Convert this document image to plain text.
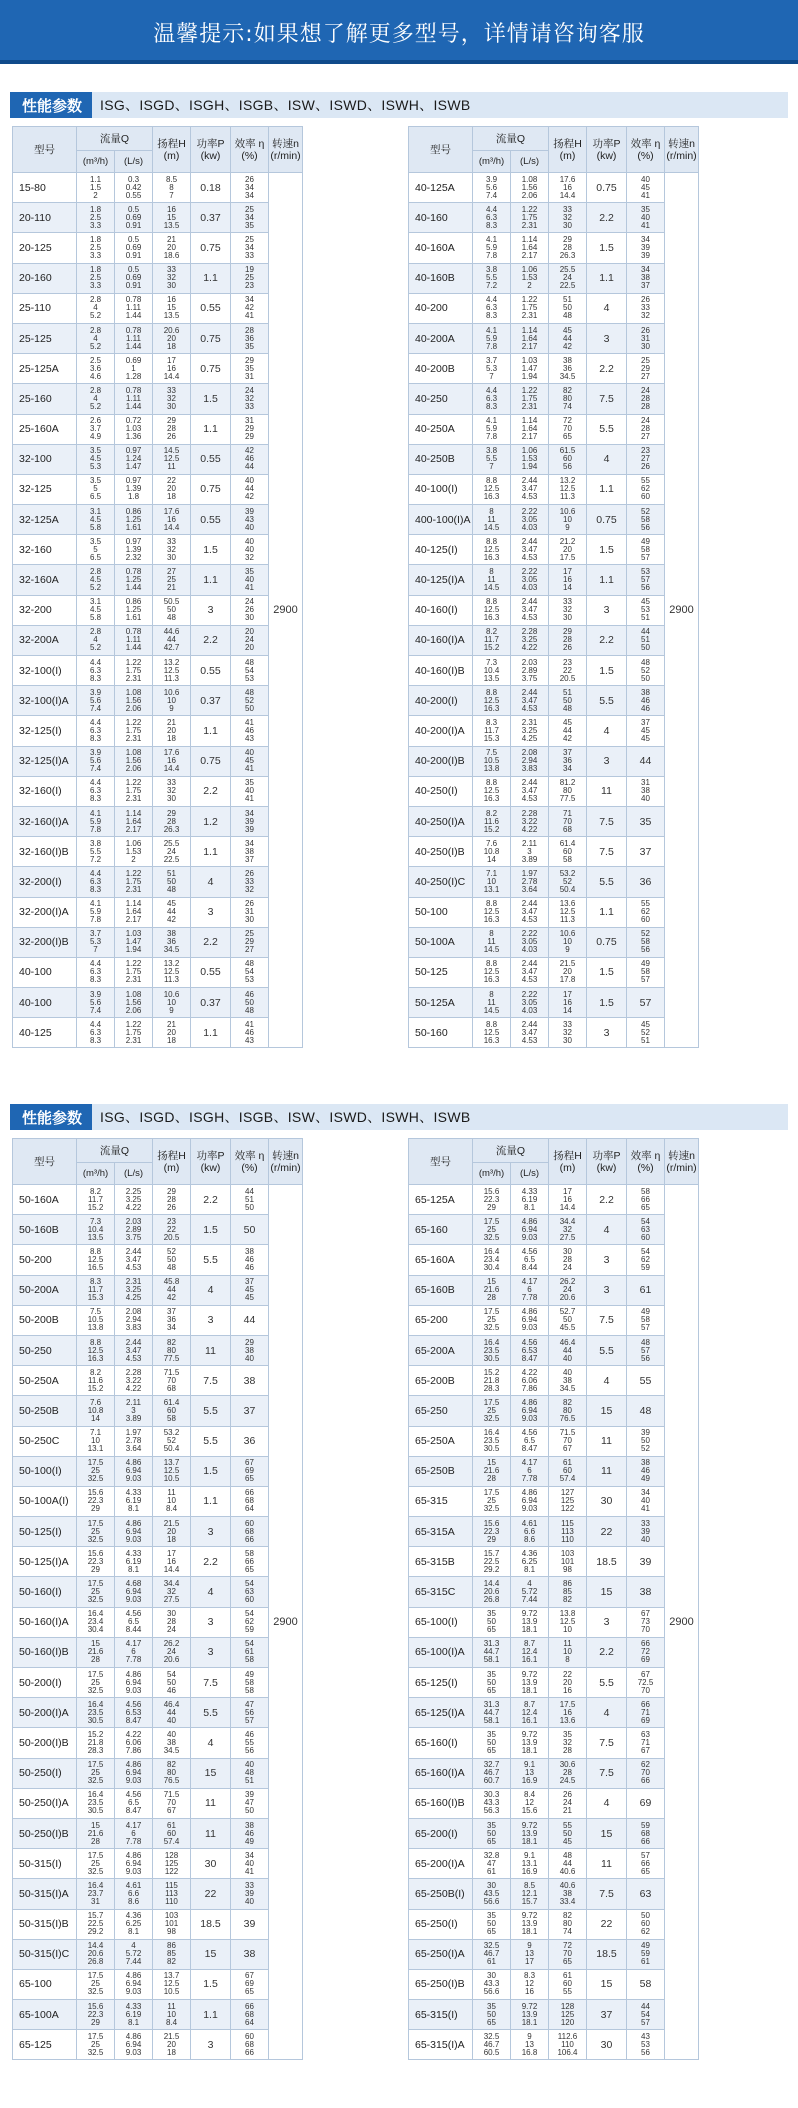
温馨提示:如果想了解更多型号，详情请咨询客服
性能参数	ISG、ISGD、ISGH、ISGB、ISW、ISWD、ISWH、ISWB
性能参数	ISG、ISGD、ISGH、ISGB、ISW、ISWD、ISWH、ISWB
型号	流量Q		扬程H
(m)	功率P
(kw)	效率 η
(%)	转速n
(r/min)
	(m³/h)	(L/s)				
15-80	1.1
1.5
2	0.3
0.42
0.55	8.5
8
7	0.18	26
34
34	2900
20-110	1.8
2.5
3.3	0.5
0.69
0.91	16
15
13.5	0.37	25
34
35	
20-125	1.8
2.5
3.3	0.5
0.69
0.91	21
20
18.6	0.75	25
34
33	
20-160	1.8
2.5
3.3	0.5
0.69
0.91	33
32
30	1.1	19
25
23	
25-110	2.8
4
5.2	0.78
1.11
1.44	16
15
13.5	0.55	34
42
41	
25-125	2.8
4
5.2	0.78
1.11
1.44	20.6
20
18	0.75	28
36
35	
25-125A	2.5
3.6
4.6	0.69
1
1.28	17
16
14.4	0.75	29
35
31	
25-160	2.8
4
5.2	0.78
1.11
1.44	33
32
30	1.5	24
32
33	
25-160A	2.6
3.7
4.9	0.72
1.03
1.36	29
28
26	1.1	31
29
29	
32-100	3.5
4.5
5.3	0.97
1.24
1.47	14.5
12.5
11	0.55	42
46
44	
32-125	3.5
5
6.5	0.97
1.39
1.8	22
20
18	0.75	40
44
42	
32-125A	3.1
4.5
5.8	0.86
1.25
1.61	17.6
16
14.4	0.55	39
43
40	
32-160	3.5
5
6.5	0.97
1.39
2.32	33
32
30	1.5	40
40
32	
32-160A	2.8
4.5
5.2	0.78
1.25
1.44	27
25
21	1.1	35
40
41	
32-200	3.1
4.5
5.8	0.86
1.25
1.61	50.5
50
48	3	24
26
30	
32-200A	2.8
4
5.2	0.78
1.11
1.44	44.6
44
42.7	2.2	20
24
20	
32-100(I)	4.4
6.3
8.3	1.22
1.75
2.31	13.2
12.5
11.3	0.55	48
54
53	
32-100(I)A	3.9
5.6
7.4	1.08
1.56
2.06	10.6
10
9	0.37	48
52
50	
32-125(I)	4.4
6.3
8.3	1.22
1.75
2.31	21
20
18	1.1	41
46
43	
32-125(I)A	3.9
5.6
7.4	1.08
1.56
2.06	17.6
16
14.4	0.75	40
45
41	
32-160(I)	4.4
6.3
8.3	1.22
1.75
2.31	33
32
30	2.2	35
40
41	
32-160(I)A	4.1
5.9
7.8	1.14
1.64
2.17	29
28
26.3	1.2	34
39
39	
32-160(I)B	3.8
5.5
7.2	1.06
1.53
2	25.5
24
22.5	1.1	34
38
37	
32-200(I)	4.4
6.3
8.3	1.22
1.75
2.31	51
50
48	4	26
33
32	
32-200(I)A	4.1
5.9
7.8	1.14
1.64
2.17	45
44
42	3	26
31
30	
32-200(I)B	3.7
5.3
7	1.03
1.47
1.94	38
36
34.5	2.2	25
29
27	
40-100	4.4
6.3
8.3	1.22
1.75
2.31	13.2
12.5
11.3	0.55	48
54
53	
40-100	3.9
5.6
7.4	1.08
1.56
2.06	10.6
10
9	0.37	46
50
48	
40-125	4.4
6.3
8.3	1.22
1.75
2.31	21
20
18	1.1	41
46
43	
型号	流量Q		扬程H
(m)	功率P
(kw)	效率 η
(%)	转速n
(r/min)
	(m³/h)	(L/s)				
40-125A	3.9
5.6
7.4	1.08
1.56
2.06	17.6
16
14.4	0.75	40
45
41	2900
40-160	4.4
6.3
8.3	1.22
1.75
2.31	33
32
30	2.2	35
40
41	
40-160A	4.1
5.9
7.8	1.14
1.64
2.17	29
28
26.3	1.5	34
39
39	
40-160B	3.8
5.5
7.2	1.06
1.53
2	25.5
24
22.5	1.1	34
38
37	
40-200	4.4
6.3
8.3	1.22
1.75
2.31	51
50
48	4	26
33
32	
40-200A	4.1
5.9
7.8	1.14
1.64
2.17	45
44
42	3	26
31
30	
40-200B	3.7
5.3
7	1.03
1.47
1.94	38
36
34.5	2.2	25
29
27	
40-250	4.4
6.3
8.3	1.22
1.75
2.31	82
80
74	7.5	24
28
28	
40-250A	4.1
5.9
7.8	1.14
1.64
2.17	72
70
65	5.5	24
28
27	
40-250B	3.8
5.5
7	1.06
1.53
1.94	61.5
60
56	4	23
27
26	
40-100(I)	8.8
12.5
16.3	2.44
3.47
4.53	13.2
12.5
11.3	1.1	55
62
60	
400-100(I)A	8
11
14.5	2.22
3.05
4.03	10.6
10
9	0.75	52
58
56	
40-125(I)	8.8
12.5
16.3	2.44
3.47
4.53	21.2
20
17.5	1.5	49
58
57	
40-125(I)A	8
11
14.5	2.22
3.05
4.03	17
16
14	1.1	53
57
56	
40-160(I)	8.8
12.5
16.3	2.44
3.47
4.53	33
32
30	3	45
53
51	
40-160(I)A	8.2
11.7
15.2	2.28
3.25
4.22	29
28
26	2.2	44
51
50	
40-160(I)B	7.3
10.4
13.5	2.03
2.89
3.75	23
22
20.5	1.5	48
52
50	
40-200(I)	8.8
12.5
16.3	2.44
3.47
4.53	51
50
48	5.5	38
46
46	
40-200(I)A	8.3
11.7
15.3	2.31
3.25
4.25	45
44
42	4	37
45
45	
40-200(I)B	7.5
10.5
13.8	2.08
2.94
3.83	37
36
34	3	44	
40-250(I)	8.8
12.5
16.3	2.44
3.47
4.53	81.2
80
77.5	11	31
38
40	
40-250(I)A	8.2
11.6
15.2	2.28
3.22
4.22	71
70
68	7.5	35	
40-250(I)B	7.6
10.8
14	2.11
3
3.89	61.4
60
58	7.5	37	
40-250(I)C	7.1
10
13.1	1.97
2.78
3.64	53.2
52
50.4	5.5	36	
50-100	8.8
12.5
16.3	2.44
3.47
4.53	13.6
12.5
11.3	1.1	55
62
60	
50-100A	8
11
14.5	2.22
3.05
4.03	10.6
10
9	0.75	52
58
56	
50-125	8.8
12.5
16.3	2.44
3.47
4.53	21.5
20
17.8	1.5	49
58
57	
50-125A	8
11
14.5	2.22
3.05
4.03	17
16
14	1.5	57	
50-160	8.8
12.5
16.3	2.44
3.47
4.53	33
32
30	3	45
52
51	
型号	流量Q		扬程H
(m)	功率P
(kw)	效率 η
(%)	转速n
(r/min)
	(m³/h)	(L/s)				
50-160A	8.2
11.7
15.2	2.25
3.25
4.22	29
28
26	2.2	44
51
50	2900
50-160B	7.3
10.4
13.5	2.03
2.89
3.75	23
22
20.5	1.5	50	
50-200	8.8
12.5
16.5	2.44
3.47
4.53	52
50
48	5.5	38
46
46	
50-200A	8.3
11.7
15.3	2.31
3.25
4.25	45.8
44
42	4	37
45
45	
50-200B	7.5
10.5
13.8	2.08
2.94
3.83	37
36
34	3	44	
50-250	8.8
12.5
16.3	2.44
3.47
4.53	82
80
77.5	11	29
38
40	
50-250A	8.2
11.6
15.2	2.28
3.22
4.22	71.5
70
68	7.5	38	
50-250B	7.6
10.8
14	2.11
3
3.89	61.4
60
58	5.5	37	
50-250C	7.1
10
13.1	1.97
2.78
3.64	53.2
52
50.4	5.5	36	
50-100(I)	17.5
25
32.5	4.86
6.94
9.03	13.7
12.5
10.5	1.5	67
69
65	
50-100A(I)	15.6
22.3
29	4.33
6.19
8.1	11
10
8.4	1.1	66
68
64	
50-125(I)	17.5
25
32.5	4.86
6.94
9.03	21.5
20
18	3	60
68
66	
50-125(I)A	15.6
22.3
29	4.33
6.19
8.1	17
16
14.4	2.2	58
66
65	
50-160(I)	17.5
25
32.5	4.68
6.94
9.03	34.4
32
27.5	4	54
63
60	
50-160(I)A	16.4
23.4
30.4	4.56
6.5
8.44	30
28
24	3	54
62
59	
50-160(I)B	15
21.6
28	4.17
6
7.78	26.2
24
20.6	3	54
61
58	
50-200(I)	17.5
25
32.5	4.86
6.94
9.03	54
50
46	7.5	49
58
58	
50-200(I)A	16.4
23.5
30.5	4.56
6.53
8.47	46.4
44
40	5.5	47
56
57	
50-200(I)B	15.2
21.8
28.3	4.22
6.06
7.86	40
38
34.5	4	46
55
56	
50-250(I)	17.5
25
32.5	4.86
6.94
9.03	82
80
76.5	15	40
48
51	
50-250(I)A	16.4
23.5
30.5	4.56
6.5
8.47	71.5
70
67	11	39
47
50	
50-250(I)B	15
21.6
28	4.17
6
7.78	61
60
57.4	11	38
46
49	
50-315(I)	17.5
25
32.5	4.86
6.94
9.03	128
125
122	30	34
40
41	
50-315(I)A	16.4
23.7
31	4.61
6.6
8.6	115
113
110	22	33
39
40	
50-315(I)B	15.7
22.5
29.2	4.36
6.25
8.1	103
101
98	18.5	39	
50-315(I)C	14.4
20.6
26.8	4
5.72
7.44	86
85
82	15	38	
65-100	17.5
25
32.5	4.86
6.94
9.03	13.7
12.5
10.5	1.5	67
69
65	
65-100A	15.6
22.3
29	4.33
6.19
8.1	11
10
8.4	1.1	66
68
64	
65-125	17.5
25
32.5	4.86
6.94
9.03	21.5
20
18	3	60
68
66	
型号	流量Q		扬程H
(m)	功率P
(kw)	效率 η
(%)	转速n
(r/min)
	(m³/h)	(L/s)				
65-125A	15.6
22.3
29	4.33
6.19
8.1	17
16
14.4	2.2	58
66
65	2900
65-160	17.5
25
32.5	4.86
6.94
9.03	34.4
32
27.5	4	54
63
60	
65-160A	16.4
23.4
30.4	4.56
6.5
8.44	30
28
24	3	54
62
59	
65-160B	15
21.6
28	4.17
6
7.78	26.2
24
20.6	3	61	
65-200	17.5
25
32.5	4.86
6.94
9.03	52.7
50
45.5	7.5	49
58
57	
65-200A	16.4
23.5
30.5	4.56
6.53
8.47	46.4
44
40	5.5	48
57
56	
65-200B	15.2
21.8
28.3	4.22
6.06
7.86	40
38
34.5	4	55	
65-250	17.5
25
32.5	4.86
6.94
9.03	82
80
76.5	15	48	
65-250A	16.4
23.5
30.5	4.56
6.5
8.47	71.5
70
67	11	39
50
52	
65-250B	15
21.6
28	4.17
6
7.78	61
60
57.4	11	38
46
49	
65-315	17.5
25
32.5	4.86
6.94
9.03	127
125
122	30	34
40
41	
65-315A	15.6
22.3
29	4.61
6.6
8.6	115
113
110	22	33
39
40	
65-315B	15.7
22.5
29.2	4.36
6.25
8.1	103
101
98	18.5	39	
65-315C	14.4
20.6
26.8	4
5.72
7.44	86
85
82	15	38	
65-100(I)	35
50
65	9.72
13.9
18.1	13.8
12.5
10	3	67
73
70	
65-100(I)A	31.3
44.7
58.1	8.7
12.4
16.1	11
10
8	2.2	66
72
69	
65-125(I)	35
50
65	9.72
13.9
18.1	22
20
16	5.5	67
72.5
70	
65-125(I)A	31.3
44.7
58.1	8.7
12.4
16.1	17.5
16
13.6	4	66
71
69	
65-160(I)	35
50
65	9.72
13.9
18.1	35
32
28	7.5	63
71
67	
65-160(I)A	32.7
46.7
60.7	9.1
13
16.9	30.6
28
24.5	7.5	62
70
66	
65-160(I)B	30.3
43.3
56.3	8.4
12
15.6	26
24
21	4	69	
65-200(I)	35
50
65	9.72
13.9
18.1	55
50
45	15	59
68
66	
65-200(I)A	32.8
47
61	9.1
13.1
16.9	48
44
40.6	11	57
66
65	
65-250B(I)	30
43.5
56.6	8.5
12.1
15.7	40.6
38
33.4	7.5	63	
65-250(I)	35
50
65	9.72
13.9
18.1	82
80
74	22	50
60
62	
65-250(I)A	32.5
46.7
61	9
13
17	72
70
65	18.5	49
59
61	
65-250(I)B	30
43.3
56.6	8.3
12
16	61
60
55	15	58	
65-315(I)	35
50
65	9.72
13.9
18.1	128
125
120	37	44
54
57	
65-315(I)A	32.5
46.7
60.5	9
13
16.8	112.6
110
106.4	30	43
53
56	
